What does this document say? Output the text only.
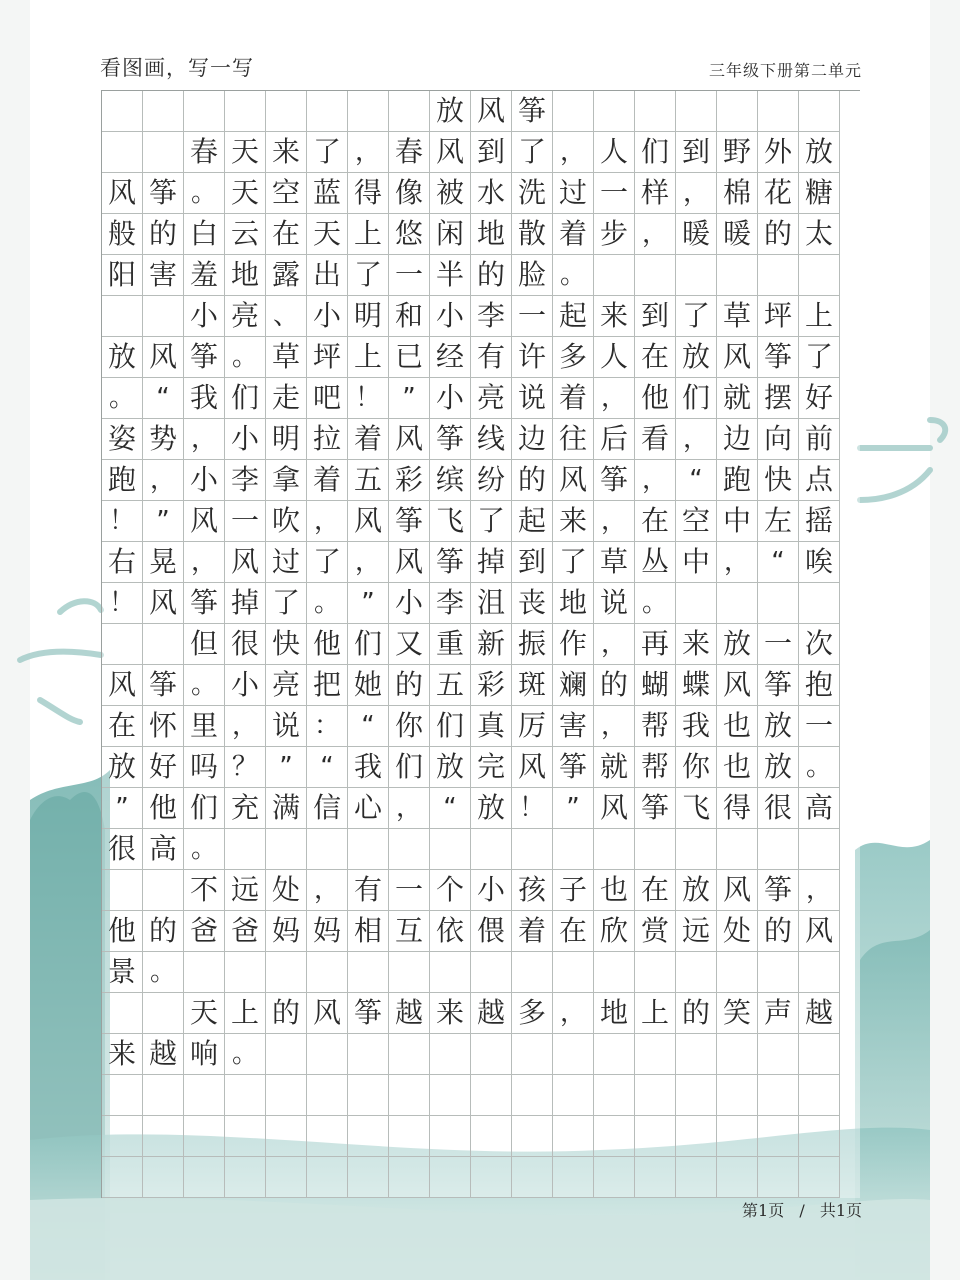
看图画，写一写	三年级下册第二单元
放 风 筝
春 天 来 了 ， 春 风 到 了 ， 人 们 到 野 外 放
风 筝 。 天 空 蓝 得 像 被 水 洗 过 一 样 ， 棉 花 糖
般 的 白 云 在 天 上 悠 闲 地 散 着 步 ， 暖 暖 的 太
阳 害 羞 地 露 出 了 一 半 的 脸 。
小 亮 、 小 明 和 小 李 一 起 来 到 了 草 坪 上
放 风 筝 。 草 坪 上 已 经 有 许 多 人 在 放 风 筝 了
。 “ 我 们 走 吧 ！ ” 小 亮 说 着 ， 他 们 就 摆 好
姿 势 ， 小 明 拉 着 风 筝 线 边 往 后 看 ， 边 向 前
跑 ， 小 李 拿 着 五 彩 缤 纷 的 风 筝 ， “ 跑 快 点
！ ” 风 一 吹 ， 风 筝 飞 了 起 来 ， 在 空 中 左 摇
右 晃 ， 风 过 了 ， 风 筝 掉 到 了 草 丛 中 ， “ 唉
！ 风 筝 掉 了 。 ” 小 李 沮 丧 地 说 。
但 很 快 他 们 又 重 新 振 作 ， 再 来 放 一 次
风 筝 。 小 亮 把 她 的 五 彩 斑 斓 的 蝴 蝶 风 筝 抱
在 怀 里 ， 说 ： “ 你 们 真 厉 害 ， 帮 我 也 放 一
放 好 吗 ？ ”	“ 我 们 放 完 风 筝 就 帮 你 也 放 。
” 他 们 充 满 信 心 ， “ 放 ！ ” 风 筝 飞 得 很 高
很 高 。
不 远 处 ， 有 一 个 小 孩 子 也 在 放 风 筝 ，
他 的 爸 爸 妈 妈 相 互 依 偎 着 在 欣 赏 远 处 的 风
景 。
天 上 的 风 筝 越 来 越 多 ， 地 上 的 笑 声 越
来 越 响 。
第1页 / 共1页
